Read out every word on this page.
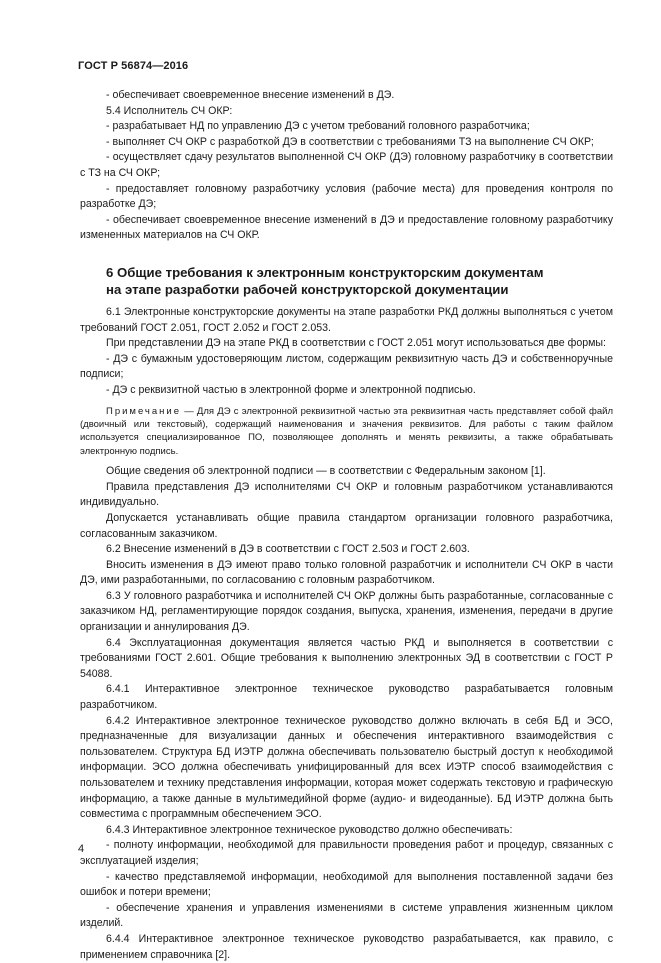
ГОСТ Р 56874—2016

- обеспечивает своевременное внесение изменений в ДЭ.

5.4 Исполнитель СЧ ОКР:

- разрабатывает НД по управлению ДЭ с учетом требований головного разработчика;

- выполняет СЧ ОКР с разработкой ДЭ в соответствии с требованиями ТЗ на выполнение СЧ ОКР;

- осуществляет сдачу результатов выполненной СЧ ОКР (ДЭ) головному разработчику в соответствии с ТЗ на СЧ ОКР;

- предоставляет головному разработчику условия (рабочие места) для проведения контроля по разработке ДЭ;

- обеспечивает своевременное внесение изменений в ДЭ и предоставление головному разработчику измененных материалов на СЧ ОКР.

6 Общие требования к электронным конструкторским документам
на этапе разработки рабочей конструкторской документации

6.1 Электронные конструкторские документы на этапе разработки РКД должны выполняться с учетом требований ГОСТ 2.051, ГОСТ 2.052 и ГОСТ 2.053.

При представлении ДЭ на этапе РКД в соответствии с ГОСТ 2.051 могут использоваться две формы:

- ДЭ с бумажным удостоверяющим листом, содержащим реквизитную часть ДЭ и собственноручные подписи;

- ДЭ с реквизитной частью в электронной форме и электронной подписью.

Примечание — Для ДЭ с электронной реквизитной частью эта реквизитная часть представляет собой файл (двоичный или текстовый), содержащий наименования и значения реквизитов. Для работы с таким файлом используется специализированное ПО, позволяющее дополнять и менять реквизиты, а также обрабатывать электронную подпись.

Общие сведения об электронной подписи — в соответствии с Федеральным законом [1].

Правила представления ДЭ исполнителями СЧ ОКР и головным разработчиком устанавливаются индивидуально.

Допускается устанавливать общие правила стандартом организации головного разработчика, согласованным заказчиком.

6.2 Внесение изменений в ДЭ в соответствии с ГОСТ 2.503 и ГОСТ 2.603.

Вносить изменения в ДЭ имеют право только головной разработчик и исполнители СЧ ОКР в части ДЭ, ими разработанными, по согласованию с головным разработчиком.

6.3 У головного разработчика и исполнителей СЧ ОКР должны быть разработанные, согласованные с заказчиком НД, регламентирующие порядок создания, выпуска, хранения, изменения, передачи в другие организации и аннулирования ДЭ.

6.4 Эксплуатационная документация является частью РКД и выполняется в соответствии с требованиями ГОСТ 2.601. Общие требования к выполнению электронных ЭД в соответствии с ГОСТ Р 54088.

6.4.1 Интерактивное электронное техническое руководство разрабатывается головным разработчиком.

6.4.2 Интерактивное электронное техническое руководство должно включать в себя БД и ЭСО, предназначенные для визуализации данных и обеспечения интерактивного взаимодействия с пользователем. Структура БД ИЭТР должна обеспечивать пользователю быстрый доступ к необходимой информации. ЭСО должна обеспечивать унифицированный для всех ИЭТР способ взаимодействия с пользователем и технику представления информации, которая может содержать текстовую и графическую информацию, а также данные в мультимедийной форме (аудио- и видеоданные). БД ИЭТР должна быть совместима с программным обеспечением ЭСО.

6.4.3 Интерактивное электронное техническое руководство должно обеспечивать:

- полноту информации, необходимой для правильности проведения работ и процедур, связанных с эксплуатацией изделия;

- качество представляемой информации, необходимой для выполнения поставленной задачи без ошибок и потери времени;

- обеспечение хранения и управления изменениями в системе управления жизненным циклом изделий.

6.4.4 Интерактивное электронное техническое руководство разрабатывается, как правило, с применением справочника [2].

4
